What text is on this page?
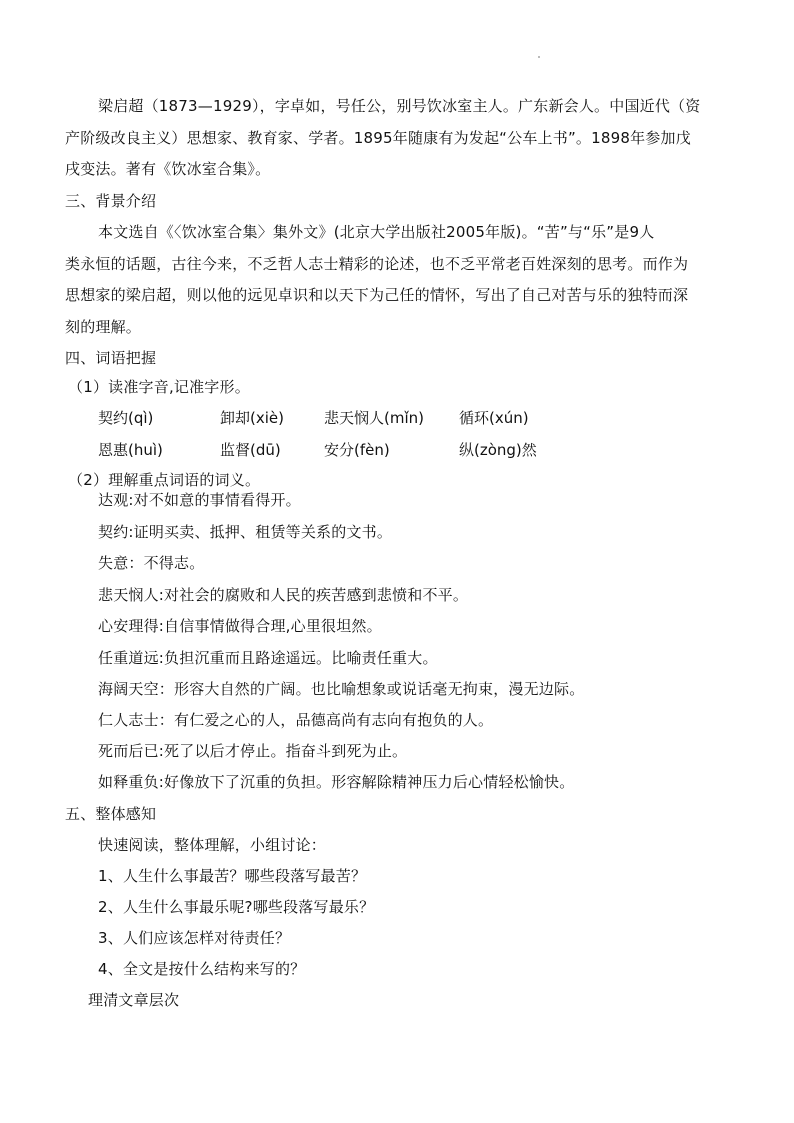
梁启超（1873—1929），字卓如，号任公，别号饮冰室主人。广东新会人。中国近代（资
产阶级改良主义）思想家、教育家、学者。1895年随康有为发起“公车上书”。1898年参加戊
戌变法。著有《饮冰室合集》。
三、背景介绍
本文选自《〈饮冰室合集〉集外文》(北京大学出版社2005年版)。“苦”与“乐”是9人
类永恒的话题，古往今来，不乏哲人志士精彩的论述，也不乏平常老百姓深刻的思考。而作为
思想家的梁启超，则以他的远见卓识和以天下为己任的情怀，写出了自己对苦与乐的独特而深
刻的理解。
四、词语把握
（1）读准字音,记准字形。
契约(qì)	卸却(xiè)	悲天悯人(mǐn) 循环(xún)
恩惠(huì)	监督(dū)	安分(fèn)	纵(zòng)然
（2）理解重点词语的词义。
达观:对不如意的事情看得开。
契约:证明买卖、抵押、租赁等关系的文书。
失意：不得志。
悲天悯人:对社会的腐败和人民的疾苦感到悲愤和不平。
心安理得:自信事情做得合理,心里很坦然。
任重道远:负担沉重而且路途遥远。比喻责任重大。
海阔天空：形容大自然的广阔。也比喻想象或说话毫无拘束，漫无边际。
仁人志士：有仁爱之心的人，品德高尚有志向有抱负的人。
死而后已:死了以后才停止。指奋斗到死为止。
如释重负:好像放下了沉重的负担。形容解除精神压力后心情轻松愉快。
五、整体感知
快速阅读，整体理解，小组讨论：
1、人生什么事最苦？哪些段落写最苦？
2、人生什么事最乐呢?哪些段落写最乐？
3、人们应该怎样对待责任？
4、全文是按什么结构来写的？
理清文章层次
